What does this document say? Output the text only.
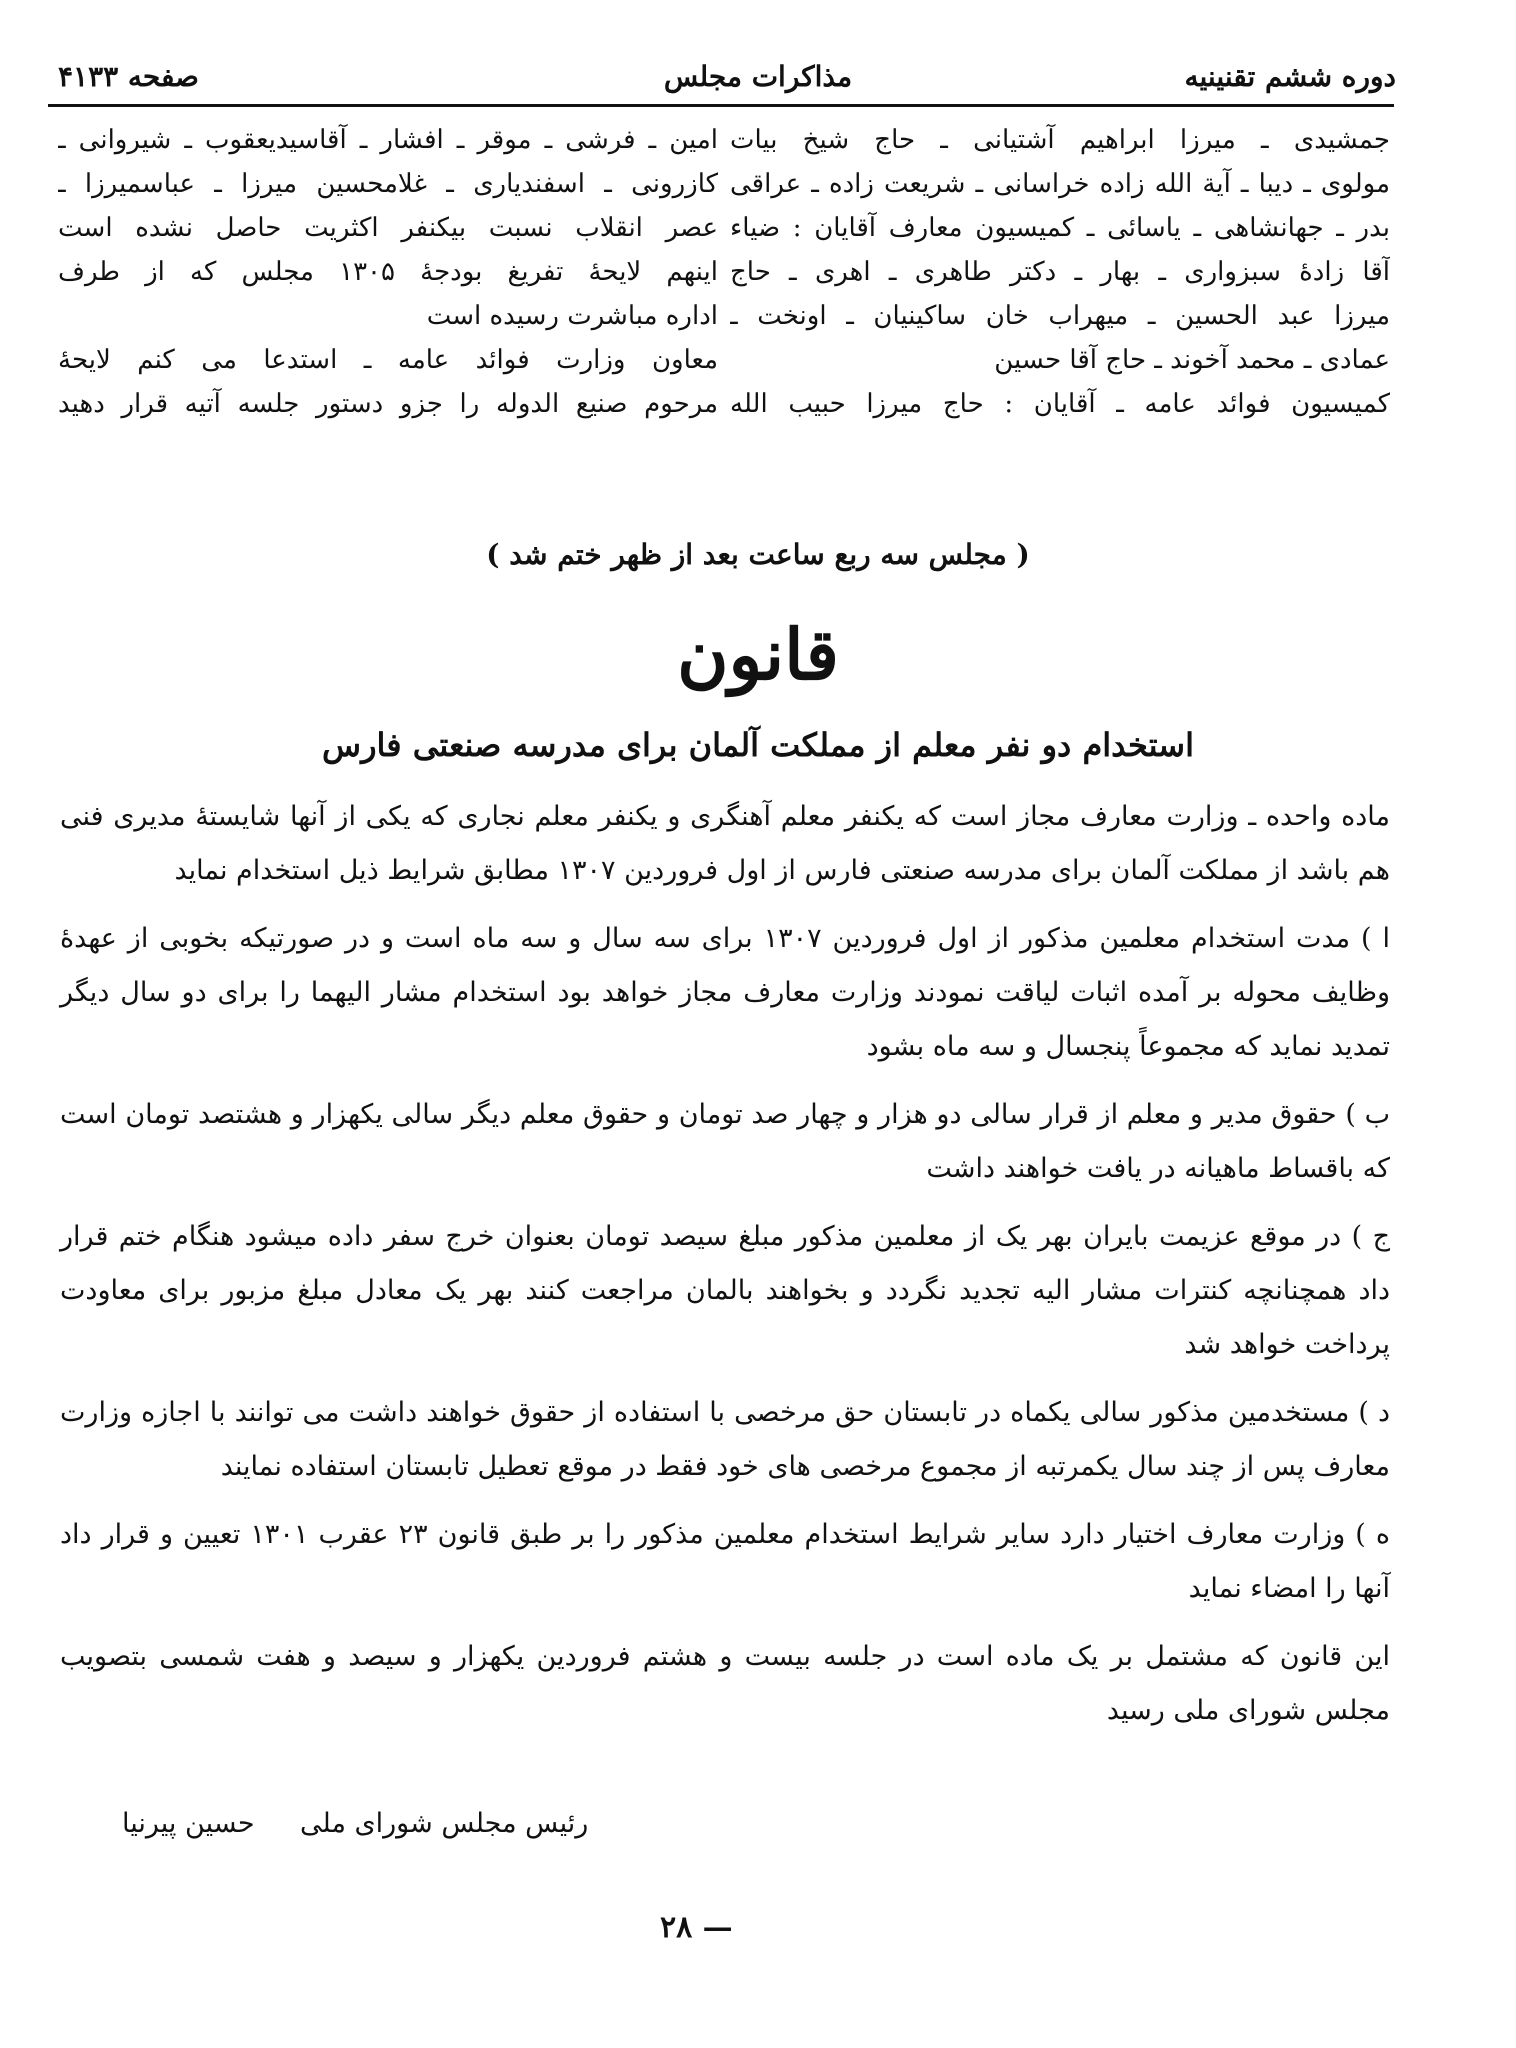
صفحه ۴۱۳۳	مذاکرات مجلس	دوره ششم تقنینیه

جمشیدی ـ میرزا ابراهیم آشتیانی ـ حاج شیخ بیات

مولوی ـ دیبا ـ آیة الله زاده خراسانی ـ شریعت زاده ـ عراقی

بدر ـ جهانشاهی ـ یاسائی ـ کمیسیون معارف آقایان : ضیاء

آقا زادهٔ سبزواری ـ بهار ـ دکتر طاهری ـ اهری ـ حاج

میرزا عبد الحسین ـ میهراب خان ساکینیان ـ اونخت ـ

عمادی ـ محمد آخوند ـ حاج آقا حسین

کمیسیون فوائد عامه ـ آقایان : حاج میرزا حبیب الله

امین ـ فرشی ـ موقر ـ افشار ـ آقاسیدیعقوب ـ شیروانی ـ

کازرونی ـ اسفندیاری ـ غلامحسین میرزا ـ عباسمیرزا ـ

عصر انقلاب نسبت بیکنفر اکثریت حاصل نشده است

اینهم لایحهٔ تفریغ بودجهٔ ۱۳۰۵ مجلس که از طرف

اداره مباشرت رسیده است

معاون وزارت فوائد عامه ـ استدعا می کنم لایحهٔ

مرحوم صنیع الدوله را جزو دستور جلسه آتیه قرار دهید

( مجلس سه ربع ساعت بعد از ظهر ختم شد )
قانون
استخدام دو نفر معلم از مملکت آلمان برای مدرسه صنعتی فارس

ماده واحده ـ وزارت معارف مجاز است که یکنفر معلم آهنگری و یکنفر معلم نجاری که یکی از آنها شایستهٔ مدیری فنی هم باشد از مملکت آلمان برای مدرسه صنعتی فارس از اول فروردین ۱۳۰۷ مطابق شرایط ذیل استخدام نماید

ا ) مدت استخدام معلمین مذکور از اول فروردین ۱۳۰۷ برای سه سال و سه ماه است و در صورتیکه بخوبی از عهدهٔ وظایف محوله بر آمده اثبات لیاقت نمودند وزارت معارف مجاز خواهد بود استخدام مشار الیهما را برای دو سال دیگر تمدید نماید که مجموعاً پنجسال و سه ماه بشود

ب ) حقوق مدیر و معلم از قرار سالی دو هزار و چهار صد تومان و حقوق معلم دیگر سالی یکهزار و هشتصد تومان است که باقساط ماهیانه در یافت خواهند داشت

ج ) در موقع عزیمت بایران بهر یک از معلمین مذکور مبلغ سیصد تومان بعنوان خرج سفر داده میشود هنگام ختم قرار داد همچنانچه کنترات مشار الیه تجدید نگردد و بخواهند بالمان مراجعت کنند بهر یک معادل مبلغ مزبور برای معاودت پرداخت خواهد شد

د ) مستخدمین مذکور سالی یکماه در تابستان حق مرخصی با استفاده از حقوق خواهند داشت می توانند با اجازه وزارت معارف پس از چند سال یکمرتبه از مجموع مرخصی های خود فقط در موقع تعطیل تابستان استفاده نمایند

ه ) وزارت معارف اختیار دارد سایر شرایط استخدام معلمین مذکور را بر طبق قانون ۲۳ عقرب ۱۳۰۱ تعیین و قرار داد آنها را امضاء نماید

این قانون که مشتمل بر یک ماده است در جلسه بیست و هشتم فروردین یکهزار و سیصد و هفت شمسی بتصویب مجلس شورای ملی رسید

رئیس مجلس شورای ملی
حسین پیرنیا
— ۲۸
